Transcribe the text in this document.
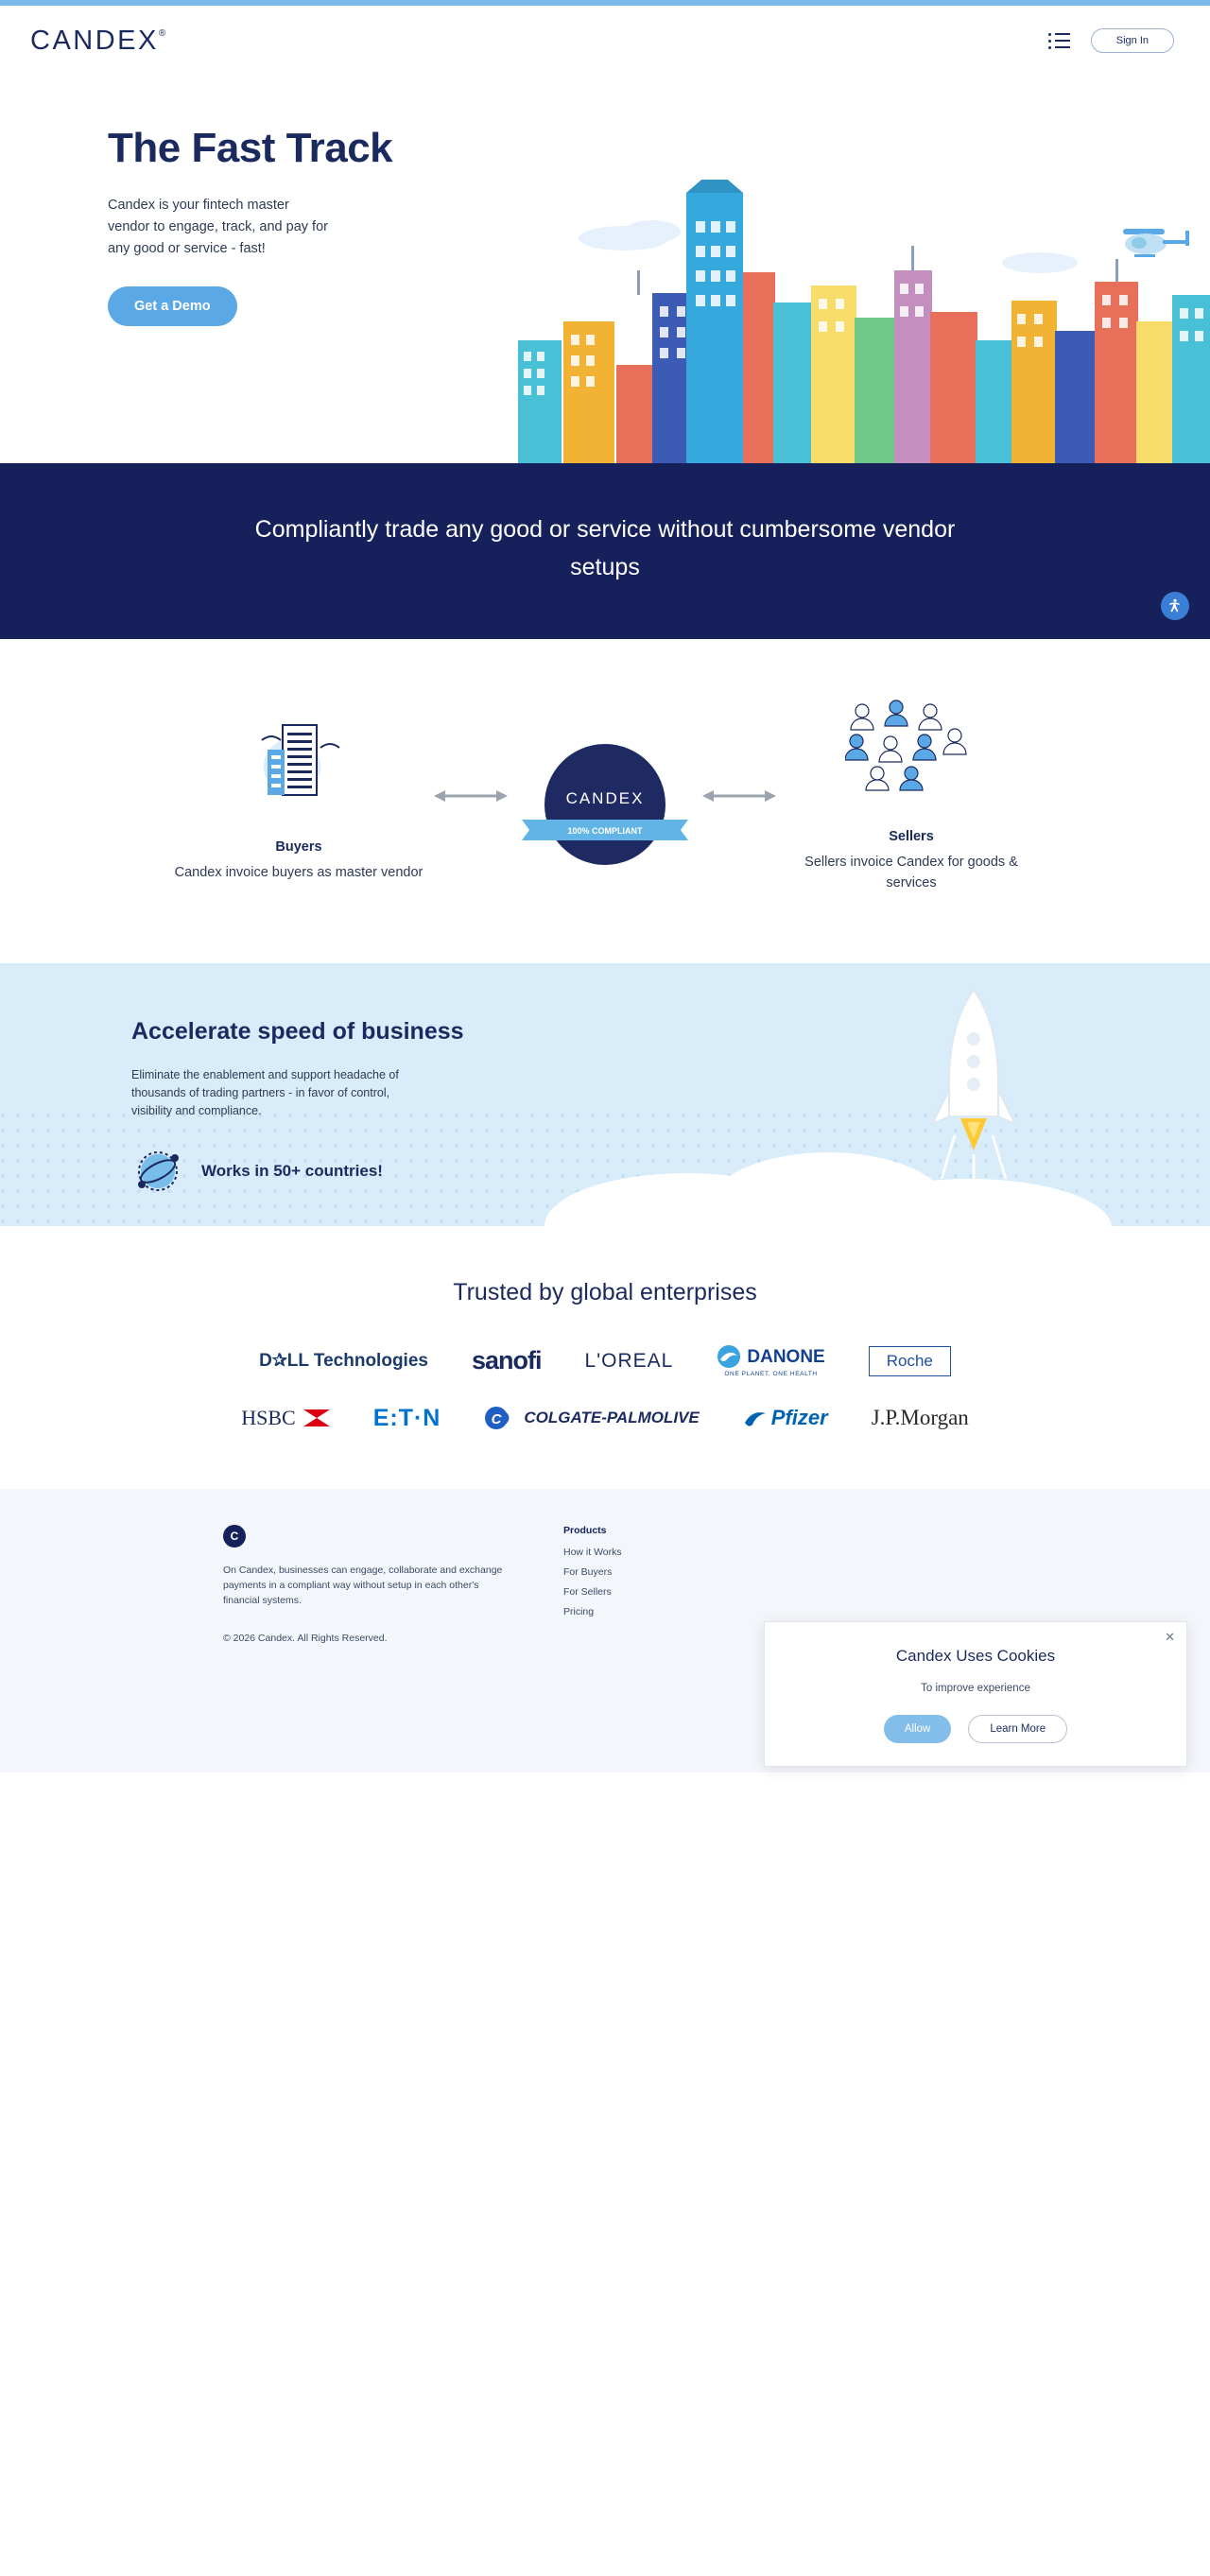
CANDEX®
Sign In
The Fast Track

Candex is your fintech master vendor to engage, track, and pay for any good or service - fast!

Get a Demo
Compliantly trade any good or service without cumbersome vendor setups
Buyers
Candex invoice buyers as master vendor
CANDEX
100% COMPLIANT	Sellers
Sellers invoice Candex for goods & services
Accelerate speed of business

Eliminate the enablement and support headache of thousands of trading partners - in favor of control, visibility and compliance.

Works in 50+ countries!
Trusted by global enterprises
D✰LL Technologies sanofi L'OREAL	DANONE
ONE PLANET. ONE HEALTH
Roche
HSBC	E:T·N	C COLGATE-PALMOLIVE	Pfizer J.P.Morgan
C

On Candex, businesses can engage, collaborate and exchange payments in a compliant way without setup in each other's financial systems.

© 2026 Candex. All Rights Reserved.
Products
How it Works
For Buyers
For Sellers
Pricing
✕
Candex Uses Cookies

To improve experience

Allow	Learn More
